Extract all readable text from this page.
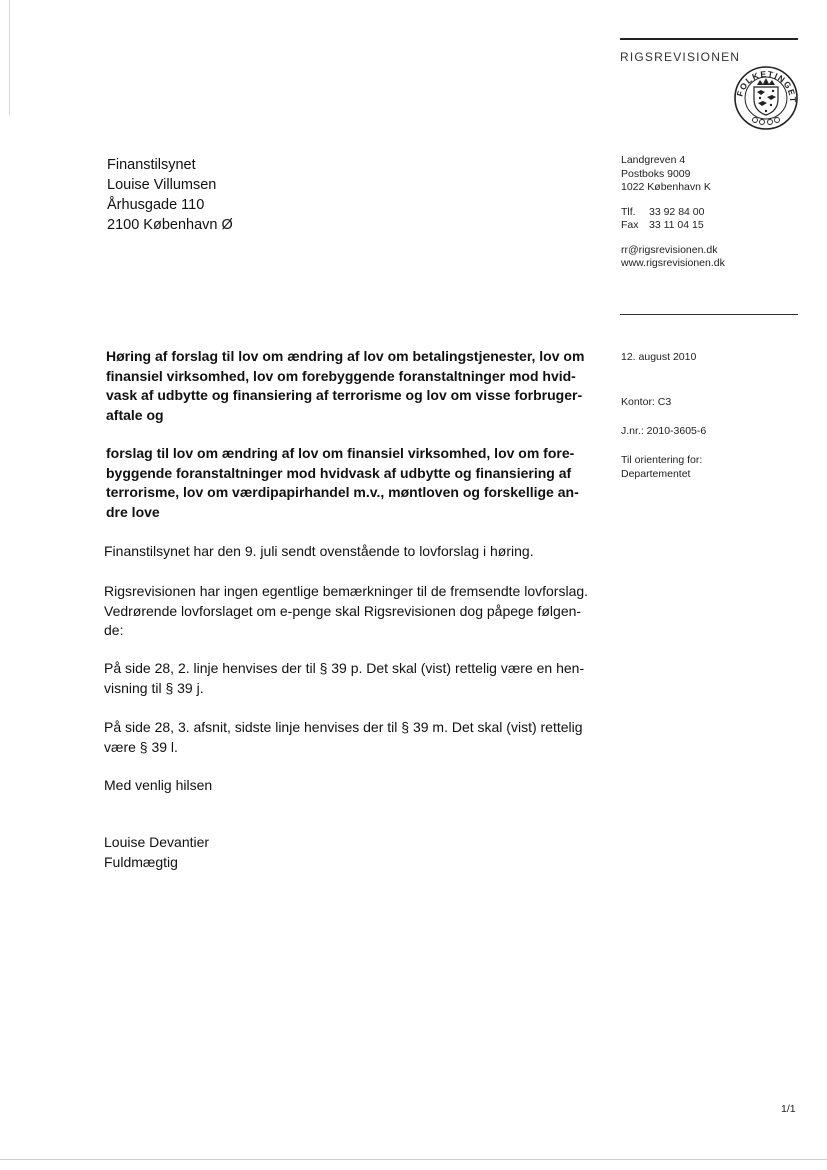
RIGSREVISIONEN
FOLKETINGET
Finanstilsynet
Louise Villumsen
Århusgade 110
2100 København Ø
Landgreven 4
Postboks 9009
1022 København K
Tlf. 33 92 84 00
Fax 33 11 04 15
rr@rigsrevisionen.dk
www.rigsrevisionen.dk
12. august 2010
Kontor: C3
J.nr.: 2010-3605-6
Til orientering for:
Departementet
Høring af forslag til lov om ændring af lov om betalingstjenester, lov om
finansiel virksomhed, lov om forebyggende foranstaltninger mod hvid-
vask af udbytte og finansiering af terrorisme og lov om visse forbruger-
aftale og
forslag til lov om ændring af lov om finansiel virksomhed, lov om fore-
byggende foranstaltninger mod hvidvask af udbytte og finansiering af
terrorisme, lov om værdipapirhandel m.v., møntloven og forskellige an-
dre love
Finanstilsynet har den 9. juli sendt ovenstående to lovforslag i høring.
Rigsrevisionen har ingen egentlige bemærkninger til de fremsendte lovforslag.
Vedrørende lovforslaget om e-penge skal Rigsrevisionen dog påpege følgen-
de:
På side 28, 2. linje henvises der til § 39 p. Det skal (vist) rettelig være en hen-
visning til § 39 j.
På side 28, 3. afsnit, sidste linje henvises der til § 39 m. Det skal (vist) rettelig
være § 39 l.
Med venlig hilsen
Louise Devantier
Fuldmægtig
1/1
